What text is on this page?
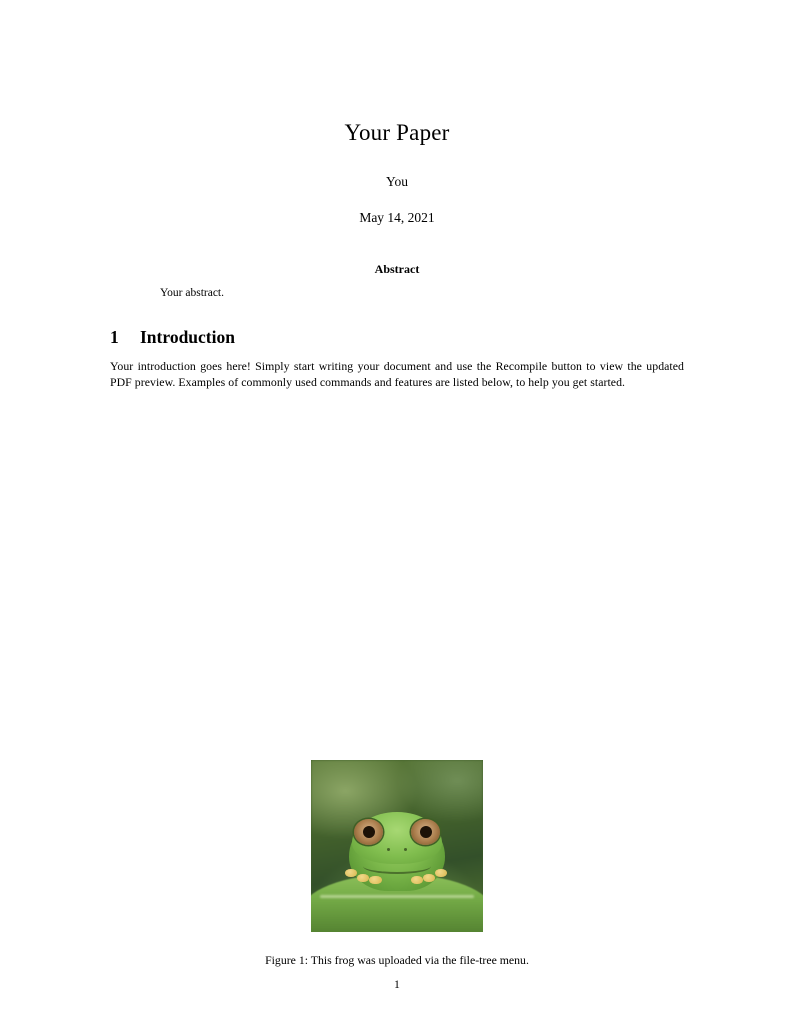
Your Paper
You
May 14, 2021
Abstract
Your abstract.
1	Introduction
Your introduction goes here! Simply start writing your document and use the Recompile button to view the updated PDF preview. Examples of commonly used commands and features are listed below, to help you get started.
Figure 1: This frog was uploaded via the file-tree menu.
1
